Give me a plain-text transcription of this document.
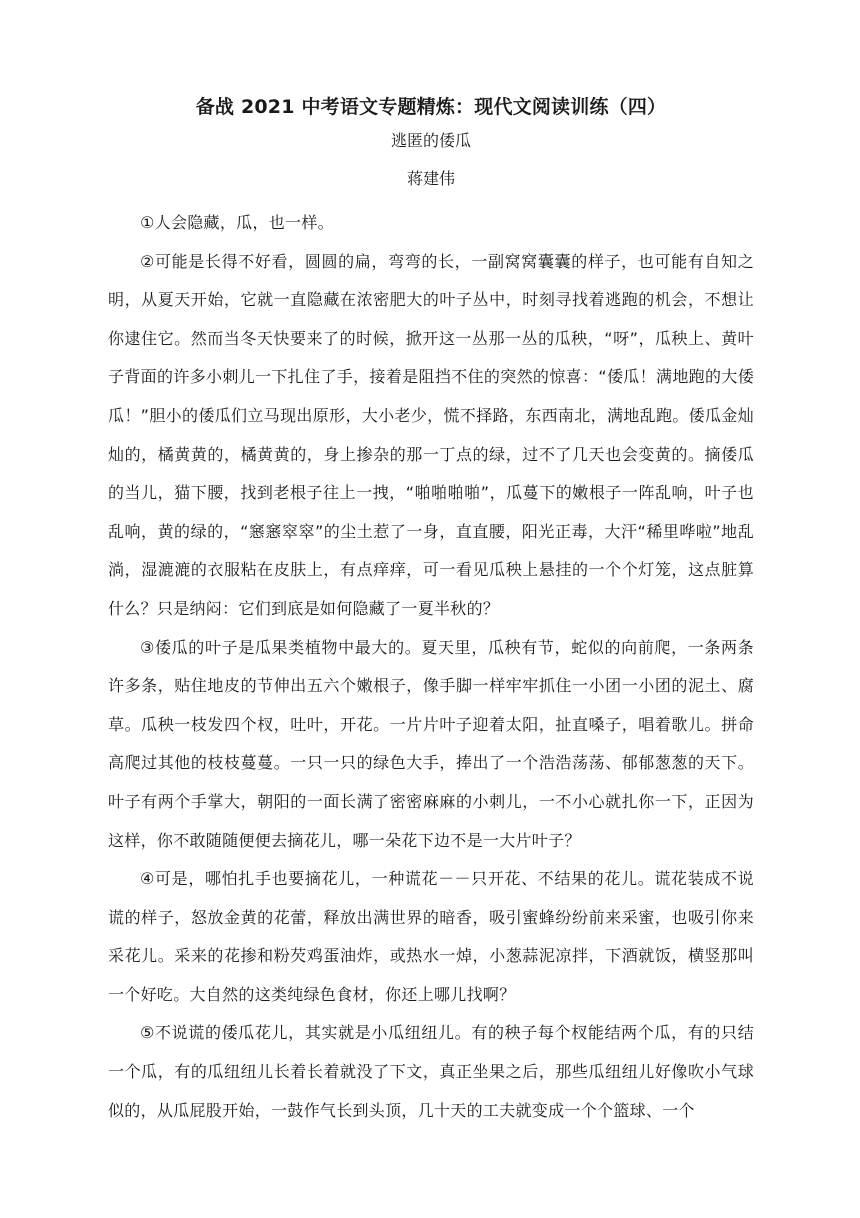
备战 2021 中考语文专题精炼：现代文阅读训练（四）
逃匿的倭瓜
蒋建伟

①人会隐藏，瓜，也一样。

②可能是长得不好看，圆圆的扁，弯弯的长，一副窝窝囊囊的样子，也可能有自知之明，从夏天开始，它就一直隐藏在浓密肥大的叶子丛中，时刻寻找着逃跑的机会，不想让你逮住它。然而当冬天快要来了的时候，掀开这一丛那一丛的瓜秧，“呀”，瓜秧上、黄叶子背面的许多小刺儿一下扎住了手，接着是阻挡不住的突然的惊喜：“倭瓜！满地跑的大倭瓜！”胆小的倭瓜们立马现出原形，大小老少，慌不择路，东西南北，满地乱跑。倭瓜金灿灿的，橘黄黄的，橘黄黄的，身上掺杂的那一丁点的绿，过不了几天也会变黄的。摘倭瓜的当儿，猫下腰，找到老根子往上一拽，“啪啪啪啪”，瓜蔓下的嫩根子一阵乱响，叶子也乱响，黄的绿的，“窸窸窣窣”的尘土惹了一身，直直腰，阳光正毒，大汗“稀里哗啦”地乱淌，湿漉漉的衣服粘在皮肤上，有点痒痒，可一看见瓜秧上悬挂的一个个灯笼，这点脏算什么？只是纳闷：它们到底是如何隐藏了一夏半秋的？

③倭瓜的叶子是瓜果类植物中最大的。夏天里，瓜秧有节，蛇似的向前爬，一条两条许多条，贴住地皮的节伸出五六个嫩根子，像手脚一样牢牢抓住一小团一小团的泥土、腐草。瓜秧一枝发四个杈，吐叶，开花。一片片叶子迎着太阳，扯直嗓子，唱着歌儿。拼命高爬过其他的枝枝蔓蔓。一只一只的绿色大手，捧出了一个浩浩荡荡、郁郁葱葱的天下。叶子有两个手掌大，朝阳的一面长满了密密麻麻的小刺儿，一不小心就扎你一下，正因为这样，你不敢随随便便去摘花儿，哪一朵花下边不是一大片叶子？

④可是，哪怕扎手也要摘花儿，一种谎花－－只开花、不结果的花儿。谎花装成不说谎的样子，怒放金黄的花蕾，释放出满世界的暗香，吸引蜜蜂纷纷前来采蜜，也吸引你来采花儿。采来的花掺和粉芡鸡蛋油炸，或热水一焯，小葱蒜泥凉拌，下酒就饭，横竖那叫一个好吃。大自然的这类纯绿色食材，你还上哪儿找啊？

⑤不说谎的倭瓜花儿，其实就是小瓜纽纽儿。有的秧子每个杈能结两个瓜，有的只结一个瓜，有的瓜纽纽儿长着长着就没了下文，真正坐果之后，那些瓜纽纽儿好像吹小气球似的，从瓜屁股开始，一鼓作气长到头顶，几十天的工夫就变成一个个篮球、一个
